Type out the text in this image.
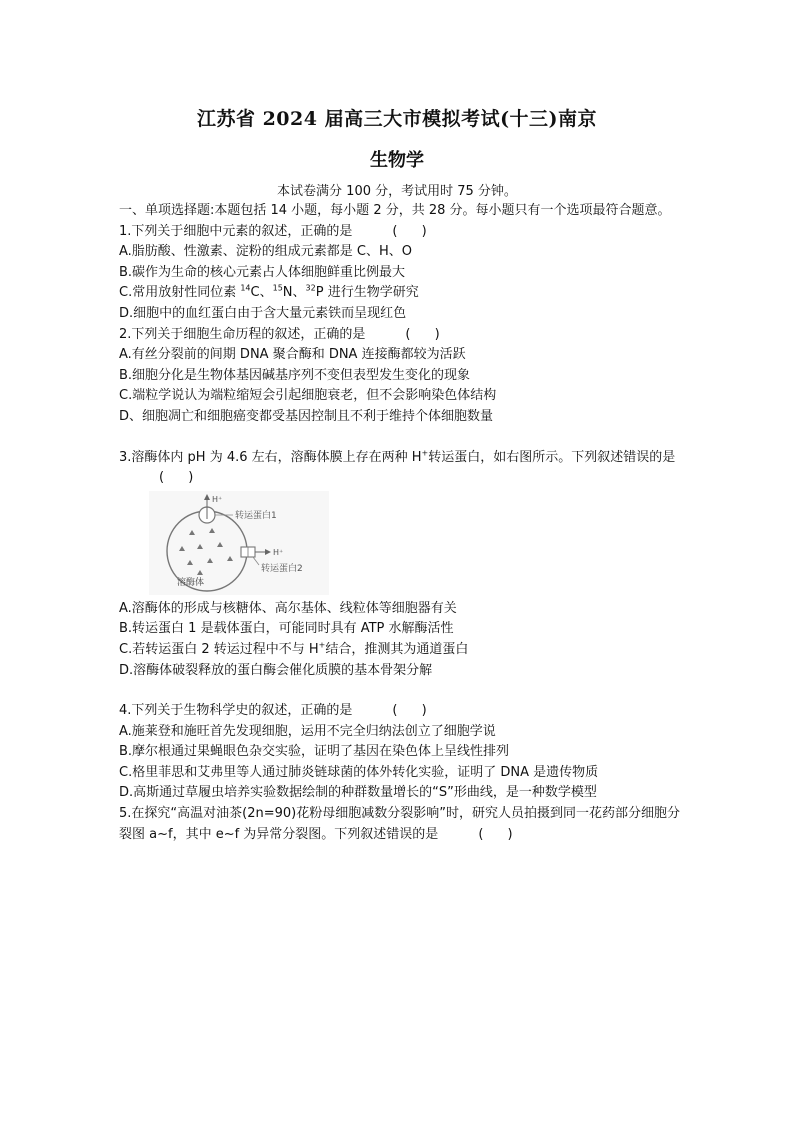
江苏省 2024 届高三大市模拟考试(十三)南京
生物学
本试卷满分 100 分，考试用时 75 分钟。
一、单项选择题:本题包括 14 小题，每小题 2 分，共 28 分。每小题只有一个选项最符合题意。
1.下列关于细胞中元素的叙述，正确的是	( )
A.脂肪酸、性激素、淀粉的组成元素都是 C、H、O
B.碳作为生命的核心元素占人体细胞鲜重比例最大
C.常用放射性同位素 $^{14}$C、$^{15}$N、$^{32}$P 进行生物学研究
D.细胞中的血红蛋白由于含大量元素铁而呈现红色
2.下列关于细胞生命历程的叙述，正确的是	( )
A.有丝分裂前的间期 DNA 聚合酶和 DNA 连接酶都较为活跃
B.细胞分化是生物体基因碱基序列不变但表型发生变化的现象
C.端粒学说认为端粒缩短会引起细胞衰老，但不会影响染色体结构
D、细胞凋亡和细胞癌变都受基因控制且不利于维持个体细胞数量
3.溶酶体内 pH 为 4.6 左右，溶酶体膜上存在两种 H+转运蛋白，如右图所示。下列叙述错误的是( )
H⁺
转运蛋白1
H⁺
转运蛋白2
溶酶体
A.溶酶体的形成与核糖体、高尔基体、线粒体等细胞器有关
B.转运蛋白 1 是载体蛋白，可能同时具有 ATP 水解酶活性
C.若转运蛋白 2 转运过程中不与 H+结合，推测其为通道蛋白
D.溶酶体破裂释放的蛋白酶会催化质膜的基本骨架分解
4.下列关于生物科学史的叙述，正确的是	( )
A.施莱登和施旺首先发现细胞，运用不完全归纳法创立了细胞学说
B.摩尔根通过果蝇眼色杂交实验，证明了基因在染色体上呈线性排列
C.格里菲思和艾弗里等人通过肺炎链球菌的体外转化实验，证明了 DNA 是遗传物质
D.高斯通过草履虫培养实验数据绘制的种群数量增长的“S”形曲线，是一种数学模型
5.在探究“高温对油茶(2n=90)花粉母细胞减数分裂影响”时，研究人员拍摄到同一花药部分细胞分裂图 a~f，其中 e~f 为异常分裂图。下列叙述错误的是	( )
